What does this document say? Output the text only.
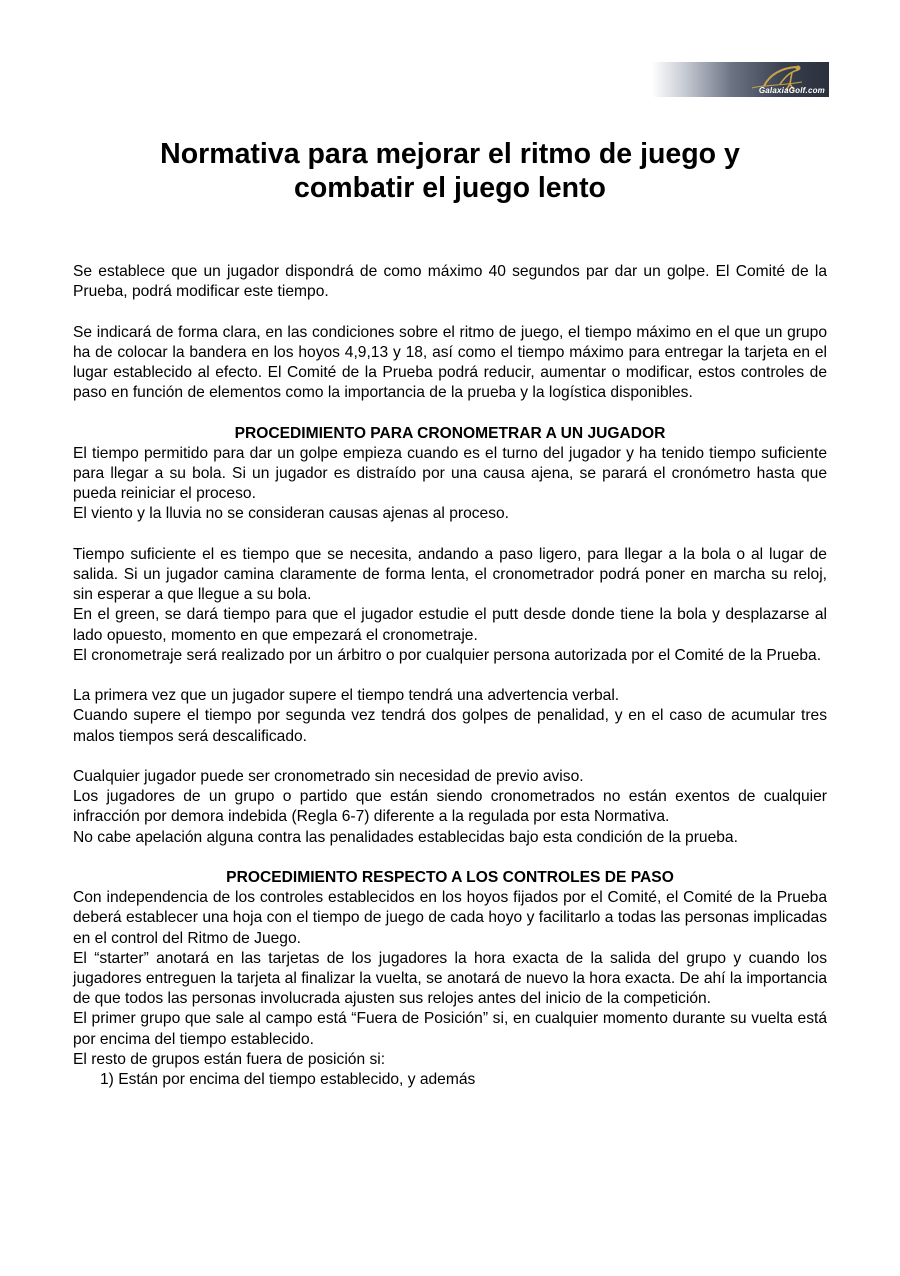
GalaxiaGolf.com
Normativa para mejorar el ritmo de juego y
combatir el juego lento

Se establece que un jugador dispondrá de como máximo 40 segundos par dar un golpe. El Comité de la Prueba, podrá modificar este tiempo.

Se indicará de forma clara, en las condiciones sobre el ritmo de juego, el tiempo máximo en el que un grupo ha de colocar la bandera en los hoyos 4,9,13 y 18, así como el tiempo máximo para entregar la tarjeta en el lugar establecido al efecto. El Comité de la Prueba podrá reducir, aumentar o modificar, estos controles de paso en función de elementos como la importancia de la prueba y la logística disponibles.

PROCEDIMIENTO PARA CRONOMETRAR A UN JUGADOR

El tiempo permitido para dar un golpe empieza cuando es el turno del jugador y ha tenido tiempo suficiente para llegar a su bola. Si un jugador es distraído por una causa ajena, se parará el cronómetro hasta que pueda reiniciar el proceso.

El viento y la lluvia no se consideran causas ajenas al proceso.

Tiempo suficiente el es tiempo que se necesita, andando a paso ligero, para llegar a la bola o al lugar de salida. Si un jugador camina claramente de forma lenta, el cronometrador podrá poner en marcha su reloj, sin esperar a que llegue a su bola.

En el green, se dará tiempo para que el jugador estudie el putt desde donde tiene la bola y desplazarse al lado opuesto, momento en que empezará el cronometraje.

El cronometraje será realizado por un árbitro o por cualquier persona autorizada por el Comité de la Prueba.

La primera vez que un jugador supere el tiempo tendrá una advertencia verbal.

Cuando supere el tiempo por segunda vez tendrá dos golpes de penalidad, y en el caso de acumular tres malos tiempos será descalificado.

Cualquier jugador puede ser cronometrado sin necesidad de previo aviso.

Los jugadores de un grupo o partido que están siendo cronometrados no están exentos de cualquier infracción por demora indebida (Regla 6-7) diferente a la regulada por esta Normativa.

No cabe apelación alguna contra las penalidades establecidas bajo esta condición de la prueba.

PROCEDIMIENTO RESPECTO A LOS CONTROLES DE PASO

Con independencia de los controles establecidos en los hoyos fijados por el Comité, el Comité de la Prueba deberá establecer una hoja con el tiempo de juego de cada hoyo y facilitarlo a todas las personas implicadas en el control del Ritmo de Juego.

El “starter” anotará en las tarjetas de los jugadores la hora exacta de la salida del grupo y cuando los jugadores entreguen la tarjeta al finalizar la vuelta, se anotará de nuevo la hora exacta. De ahí la importancia de que todos las personas involucrada ajusten sus relojes antes del inicio de la competición.

El primer grupo que sale al campo está “Fuera de Posición” si, en cualquier momento durante su vuelta está por encima del tiempo establecido.

El resto de grupos están fuera de posición si:

1) Están por encima del tiempo establecido, y además
